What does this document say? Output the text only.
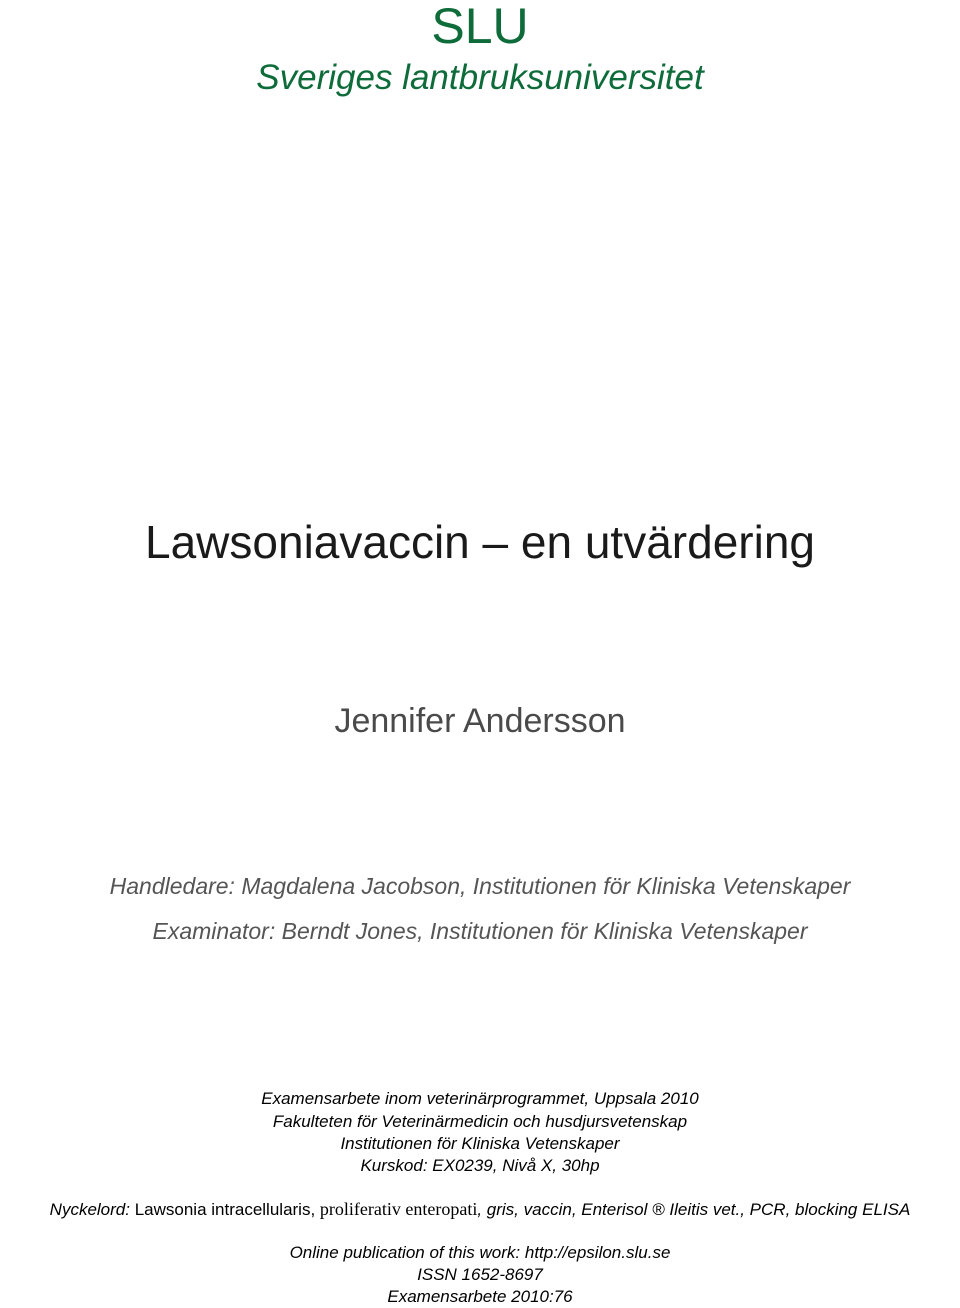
SLU
Sveriges lantbruksuniversitet
Lawsoniavaccin – en utvärdering
Jennifer Andersson
Handledare: Magdalena Jacobson, Institutionen för Kliniska Vetenskaper
Examinator: Berndt Jones, Institutionen för Kliniska Vetenskaper
Examensarbete inom veterinärprogrammet, Uppsala 2010
Fakulteten för Veterinärmedicin och husdjursvetenskap
Institutionen för Kliniska Vetenskaper
Kurskod: EX0239, Nivå X, 30hp
Nyckelord: Lawsonia intracellularis, proliferativ enteropati, gris, vaccin, Enterisol ® Ileitis vet., PCR, blocking ELISA
Online publication of this work: http://epsilon.slu.se
ISSN 1652-8697
Examensarbete 2010:76
